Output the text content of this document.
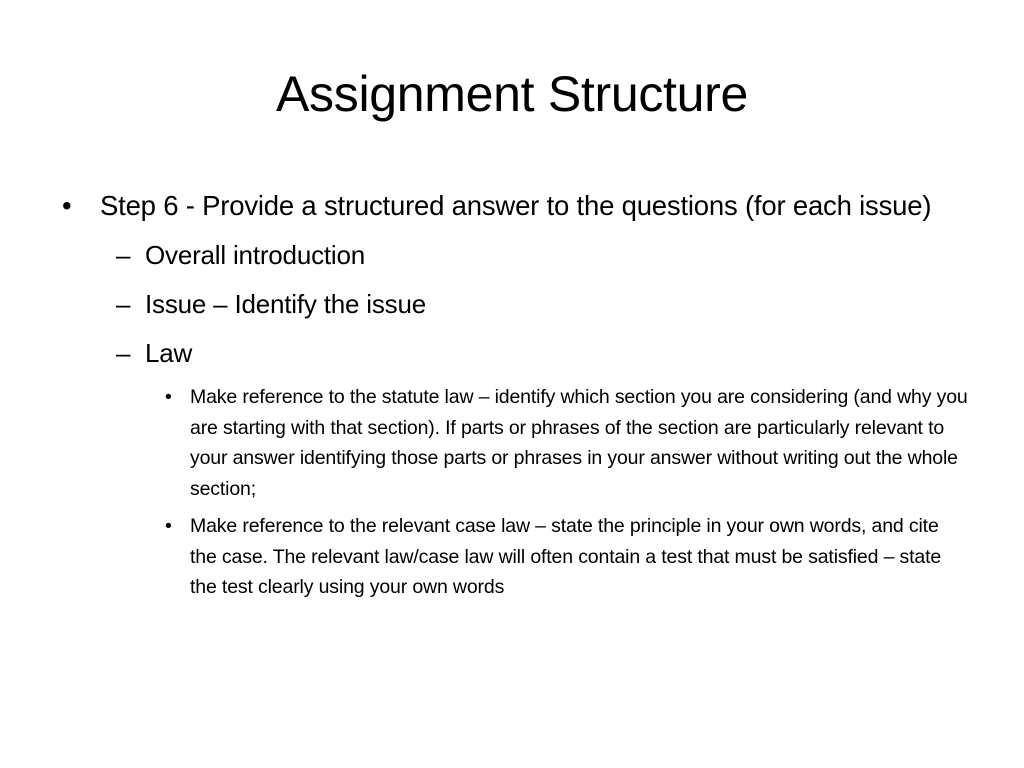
Assignment Structure
• Step 6 - Provide a structured answer to the questions (for each issue)
– Overall introduction
– Issue – Identify the issue
– Law
• Make reference to the statute law – identify which section you are considering (and why you are starting with that section). If parts or phrases of the section are particularly relevant to your answer identifying those parts or phrases in your answer without writing out the whole section;
• Make reference to the relevant case law – state the principle in your own words, and cite the case. The relevant law/case law will often contain a test that must be satisfied – state the test clearly using your own words
